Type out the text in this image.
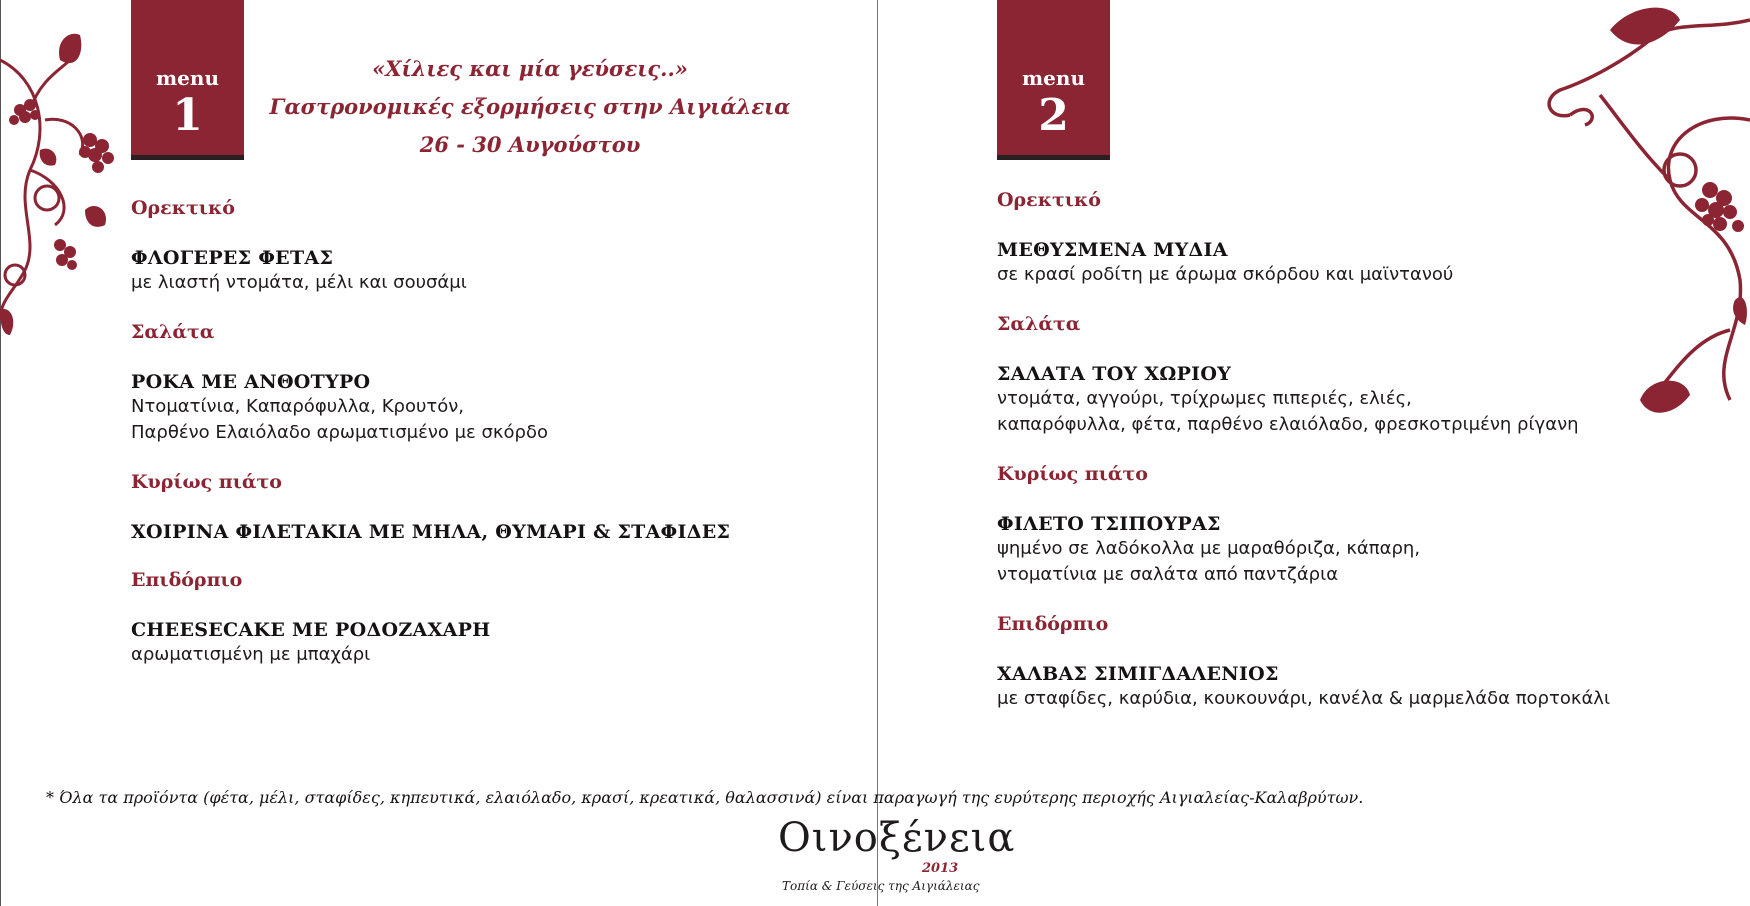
menu
1
menu
2
«Χίλιες και μία γεύσεις..»
Γαστρονομικές εξορμήσεις στην Αιγιάλεια
26 - 30 Αυγούστου
Ορεκτικό
ΦΛΟΓΕΡΕΣ ΦΕΤΑΣ
με λιαστή ντομάτα, μέλι και σουσάμι
Σαλάτα
ΡΟΚΑ ΜΕ ΑΝΘΟΤΥΡΟ
Ντοματίνια, Καπαρόφυλλα, Κρουτόν,
Παρθένο Ελαιόλαδο αρωματισμένο με σκόρδο
Κυρίως πιάτο
ΧΟΙΡΙΝΑ ΦΙΛΕΤΑΚΙΑ ΜΕ ΜΗΛΑ, ΘΥΜΑΡΙ & ΣΤΑΦΙΔΕΣ
Επιδόρπιο
CHEESECAKE ΜΕ ΡΟΔΟΖΑΧΑΡΗ
αρωματισμένη με μπαχάρι
Ορεκτικό
ΜΕΘΥΣΜΕΝΑ ΜΥΔΙΑ
σε κρασί ροδίτη με άρωμα σκόρδου και μαϊντανού
Σαλάτα
ΣΑΛΑΤΑ ΤΟΥ ΧΩΡΙΟΥ
ντομάτα, αγγούρι, τρίχρωμες πιπεριές, ελιές,
καπαρόφυλλα, φέτα, παρθένο ελαιόλαδο, φρεσκοτριμένη ρίγανη
Κυρίως πιάτο
ΦΙΛΕΤΟ ΤΣΙΠΟΥΡΑΣ
ψημένο σε λαδόκολλα με μαραθόριζα, κάπαρη,
ντοματίνια με σαλάτα από παντζάρια
Επιδόρπιο
ΧΑΛΒΑΣ ΣΙΜΙΓΔΑΛΕΝΙΟΣ
με σταφίδες, καρύδια, κουκουνάρι, κανέλα & μαρμελάδα πορτοκάλι
* Όλα τα προϊόντα (φέτα, μέλι, σταφίδες, κηπευτικά, ελαιόλαδο, κρασί, κρεατικά, θαλασσινά) είναι παραγωγή της ευρύτερης περιοχής Αιγιαλείας-Καλαβρύτων.
Οινοξένεια
2013
Τοπία & Γεύσεις της Αιγιάλειας
